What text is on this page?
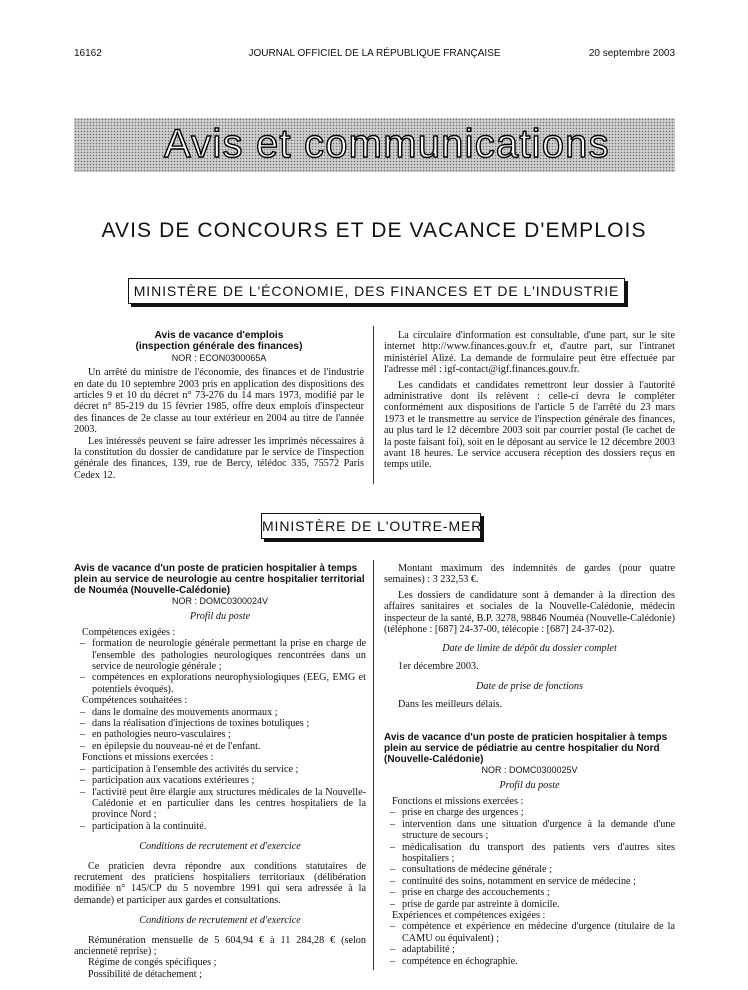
16162	JOURNAL OFFICIEL DE LA RÉPUBLIQUE FRANÇAISE	20 septembre 2003
Avis et communications
AVIS DE CONCOURS ET DE VACANCE D'EMPLOIS
MINISTÈRE DE L'ÉCONOMIE, DES FINANCES ET DE L'INDUSTRIE

Avis de vacance d'emplois

(inspection générale des finances)

NOR : ECON0300065A

Un arrêté du ministre de l'économie, des finances et de l'industrie en date du 10 septembre 2003 pris en application des dispositions des articles 9 et 10 du décret n° 73-276 du 14 mars 1973, modifié par le décret n° 85-219 du 15 février 1985, offre deux emplois d'inspecteur des finances de 2e classe au tour extérieur en 2004 au titre de l'année 2003.

Les intéressés peuvent se faire adresser les imprimés nécessaires à la constitution du dossier de candidature par le service de l'inspection générale des finances, 139, rue de Bercy, télédoc 335, 75572 Paris Cedex 12.

La circulaire d'information est consultable, d'une part, sur le site internet http://www.finances.gouv.fr et, d'autre part, sur l'intranet ministériel Alizé. La demande de formulaire peut être effectuée par l'adresse mél : igf-contact@igf.finances.gouv.fr.

Les candidats et candidates remettront leur dossier à l'autorité administrative dont ils relèvent : celle-ci devra le compléter conformément aux dispositions de l'article 5 de l'arrêté du 23 mars 1973 et le transmettre au service de l'inspection générale des finances, au plus tard le 12 décembre 2003 soit par courrier postal (le cachet de la poste faisant foi), soit en le déposant au service le 12 décembre 2003 avant 18 heures. Le service accusera réception des dossiers reçus en temps utile.

MINISTÈRE DE L'OUTRE-MER

Avis de vacance d'un poste de praticien hospitalier à temps plein au service de neurologie au centre hospitalier territorial de Nouméa (Nouvelle-Calédonie)

NOR : DOMC0300024V

Profil du poste

Compétences exigées :

– formation de neurologie générale permettant la prise en charge de l'ensemble des pathologies neurologiques rencontrées dans un service de neurologie générale ;
– compétences en explorations neurophysiologiques (EEG, EMG et potentiels évoqués).

Compétences souhaitées :

– dans le domaine des mouvements anormaux ;
– dans la réalisation d'injections de toxines botuliques ;
– en pathologies neuro-vasculaires ;
– en épilepsie du nouveau-né et de l'enfant.

Fonctions et missions exercées :

– participation à l'ensemble des activités du service ;
– participation aux vacations extérieures ;
– l'activité peut être élargie aux structures médicales de la Nouvelle-Calédonie et en particulier dans les centres hospitaliers de la province Nord ;
– participation à la continuité.

Conditions de recrutement et d'exercice

Ce praticien devra répondre aux conditions statutaires de recrutement des praticiens hospitaliers territoriaux (délibération modifiée n° 145/CP du 5 novembre 1991 qui sera adressée à la demande) et participer aux gardes et consultations.

Conditions de recrutement et d'exercice

Rémunération mensuelle de 5 604,94 € à 11 284,28 € (selon ancienneté reprise) ;

Régime de congés spécifiques ;

Possibilité de détachement ;

Montant maximum des indemnités de gardes (pour quatre semaines) : 3 232,53 €.

Les dossiers de candidature sont à demander à la direction des affaires sanitaires et sociales de la Nouvelle-Calédonie, médecin inspecteur de la santé, B.P. 3278, 98846 Nouméa (Nouvelle-Calédonie) (téléphone : [687] 24-37-00, télécopie : [687] 24-37-02).

Date de limite de dépôt du dossier complet

1er décembre 2003.

Date de prise de fonctions

Dans les meilleurs délais.

Avis de vacance d'un poste de praticien hospitalier à temps plein au service de pédiatrie au centre hospitalier du Nord (Nouvelle-Calédonie)

NOR : DOMC0300025V

Profil du poste

Fonctions et missions exercées :

– prise en charge des urgences ;
– intervention dans une situation d'urgence à la demande d'une structure de secours ;
– médicalisation du transport des patients vers d'autres sites hospitaliers ;
– consultations de médecine générale ;
– continuité des soins, notamment en service de médecine ;
– prise en charge des accouchements ;
– prise de garde par astreinte à domicile.

Expériences et compétences exigées :

– compétence et expérience en médecine d'urgence (titulaire de la CAMU ou équivalent) ;
– adaptabilité ;
– compétence en échographie.
